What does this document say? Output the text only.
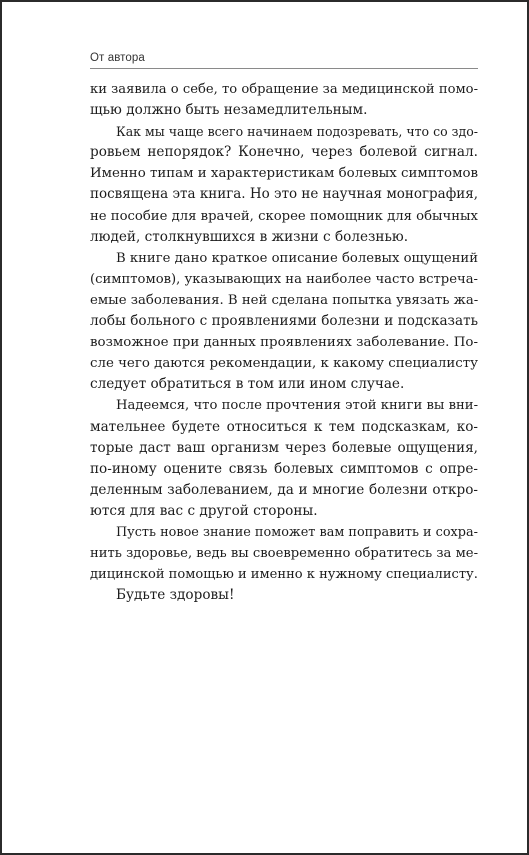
От автора
ки заявила о себе, то обращение за медицинской помо-
щью должно быть незамедлительным.
Как мы чаще всего начинаем подозревать, что со здо-
ровьем непорядок? Конечно, через болевой сигнал.
Именно типам и характеристикам болевых симптомов
посвящена эта книга. Но это не научная монография,
не пособие для врачей, скорее помощник для обычных
людей, столкнувшихся в жизни с болезнью.
В книге дано краткое описание болевых ощущений
(симптомов), указывающих на наиболее часто встреча-
емые заболевания. В ней сделана попытка увязать жа-
лобы больного с проявлениями болезни и подсказать
возможное при данных проявлениях заболевание. По-
сле чего даются рекомендации, к какому специалисту
следует обратиться в том или ином случае.
Надеемся, что после прочтения этой книги вы вни-
мательнее будете относиться к тем подсказкам, ко-
торые даст ваш организм через болевые ощущения,
по-иному оцените связь болевых симптомов с опре-
деленным заболеванием, да и многие болезни откро-
ются для вас с другой стороны.
Пусть новое знание поможет вам поправить и сохра-
нить здоровье, ведь вы своевременно обратитесь за ме-
дицинской помощью и именно к нужному специалисту.
Будьте здоровы!
